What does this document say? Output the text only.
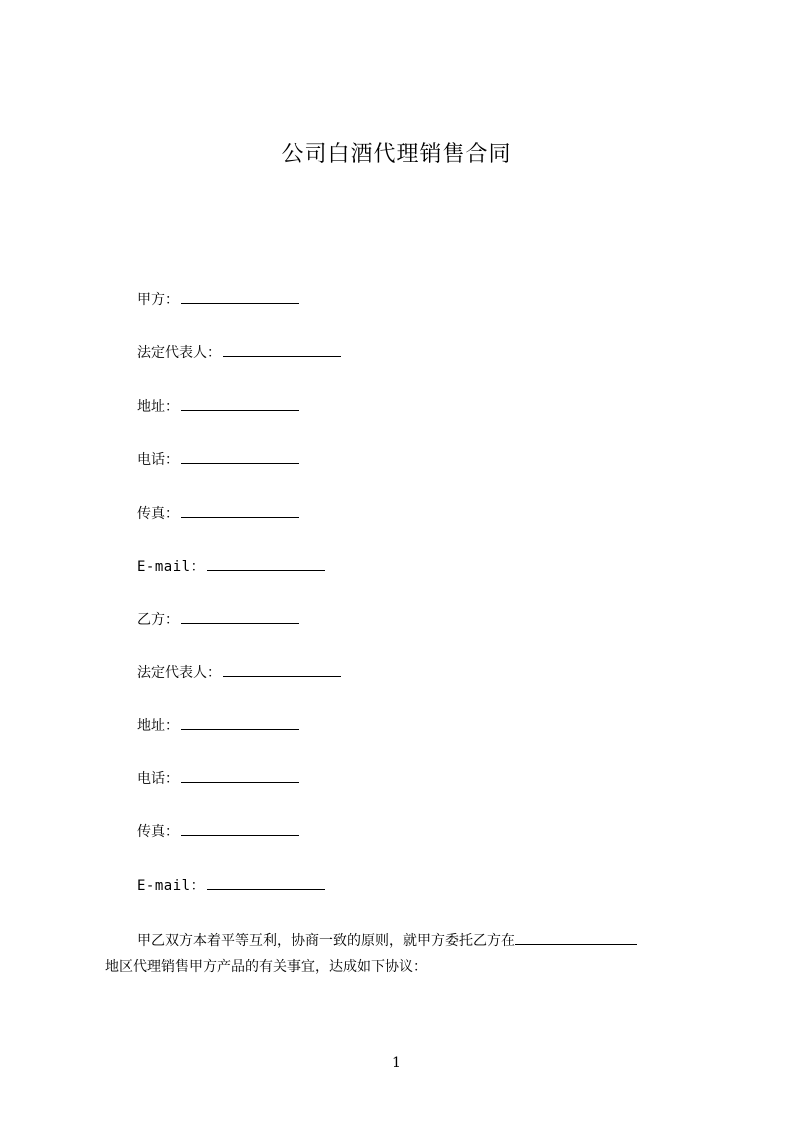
公司白酒代理销售合同
甲方：
法定代表人：
地址：
电话：
传真：
E-mail：
乙方：
法定代表人：
地址：
电话：
传真：
E-mail：
甲乙双方本着平等互利，协商一致的原则，就甲方委托乙方在
地区代理销售甲方产品的有关事宜，达成如下协议：
1
